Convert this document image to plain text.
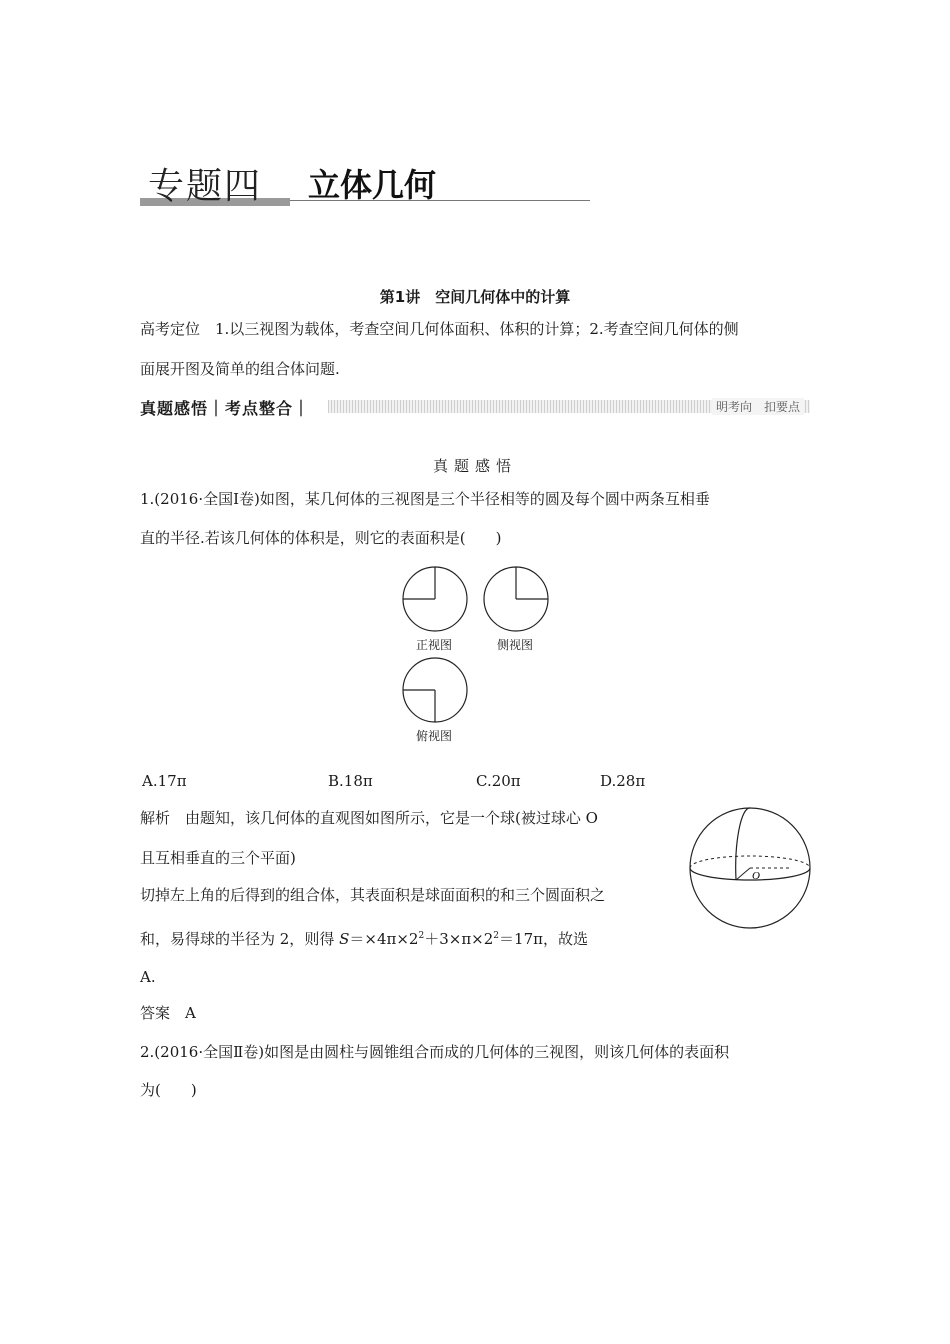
专题四 立体几何
第1讲　空间几何体中的计算
高考定位　1.以三视图为载体，考查空间几何体面积、体积的计算；2.考查空间几何体的侧
面展开图及简单的组合体问题.
真题感悟｜考点整合｜	明考向　扣要点
真题感悟
1.(2016·全国Ⅰ卷)如图，某几何体的三视图是三个半径相等的圆及每个圆中两条互相垂
直的半径.若该几何体的体积是，则它的表面积是(　　)
正视图	侧视图
俯视图
A.17π	B.18π	C.20π	D.28π
解析　由题知，该几何体的直观图如图所示，它是一个球(被过球心 O
且互相垂直的三个平面)
切掉左上角的后得到的组合体，其表面积是球面面积的和三个圆面积之
和，易得球的半径为 2，则得 $S=\times 4\pi\times 2^2+3\times\pi\times 2^2=17\pi$，故选
A.
O
答案　A
2.(2016·全国Ⅱ卷)如图是由圆柱与圆锥组合而成的几何体的三视图，则该几何体的表面积
为(　　)
